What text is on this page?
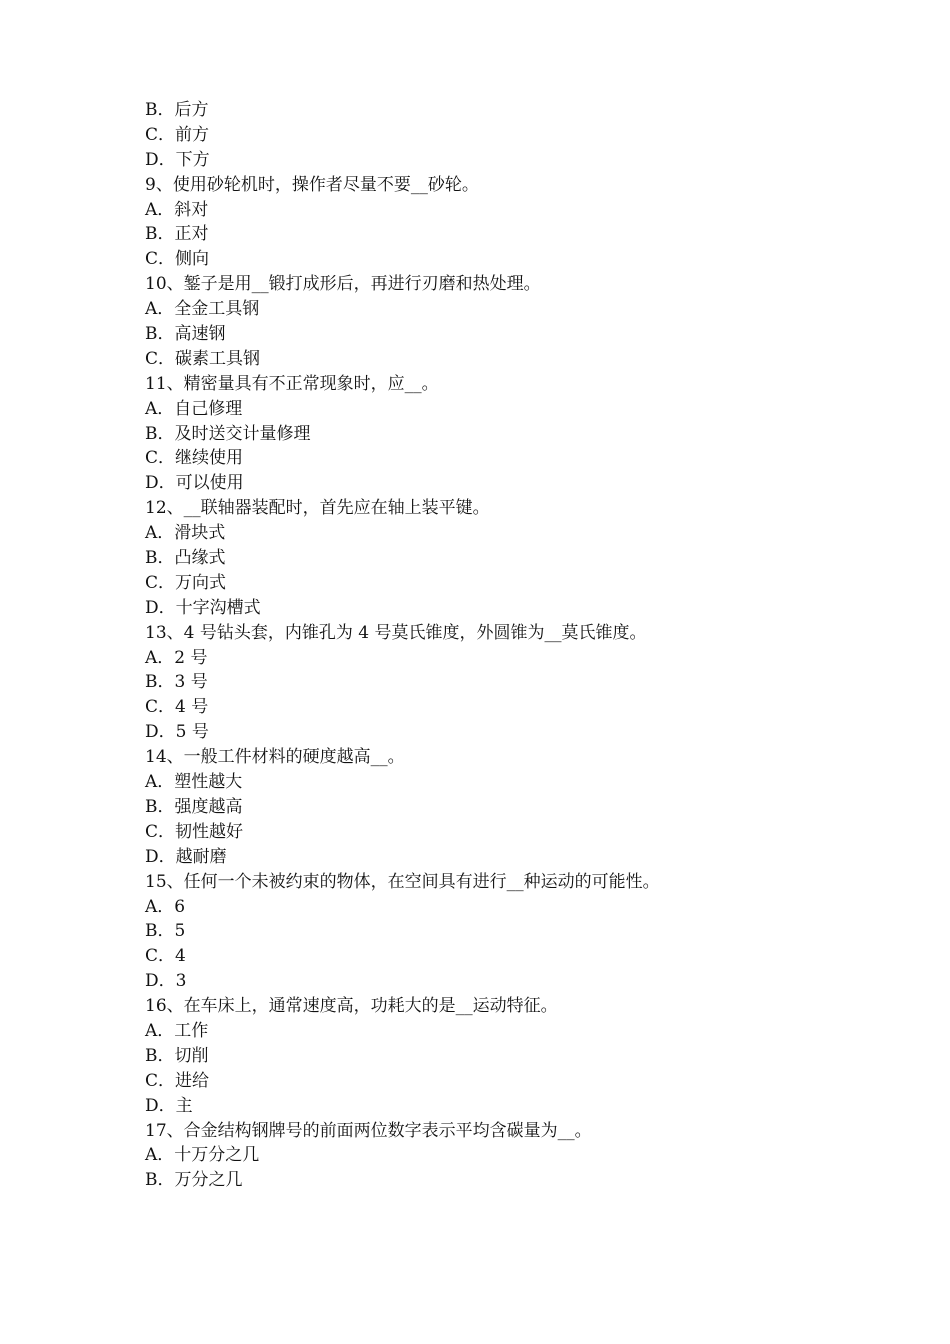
B．后方
C．前方
D．下方
9、使用砂轮机时，操作者尽量不要__砂轮。
A．斜对
B．正对
C．侧向
10、錾子是用__锻打成形后，再进行刃磨和热处理。
A．全金工具钢
B．高速钢
C．碳素工具钢
11、精密量具有不正常现象时，应__。
A．自己修理
B．及时送交计量修理
C．继续使用
D．可以使用
12、__联轴器装配时，首先应在轴上装平键。
A．滑块式
B．凸缘式
C．万向式
D．十字沟槽式
13、4 号钻头套，内锥孔为 4 号莫氏锥度，外圆锥为__莫氏锥度。
A．2 号
B．3 号
C．4 号
D．5 号
14、一般工件材料的硬度越高__。
A．塑性越大
B．强度越高
C．韧性越好
D．越耐磨
15、任何一个未被约束的物体，在空间具有进行__种运动的可能性。
A．6
B．5
C．4
D．3
16、在车床上，通常速度高，功耗大的是__运动特征。
A．工作
B．切削
C．进给
D．主
17、合金结构钢牌号的前面两位数字表示平均含碳量为__。
A．十万分之几
B．万分之几
